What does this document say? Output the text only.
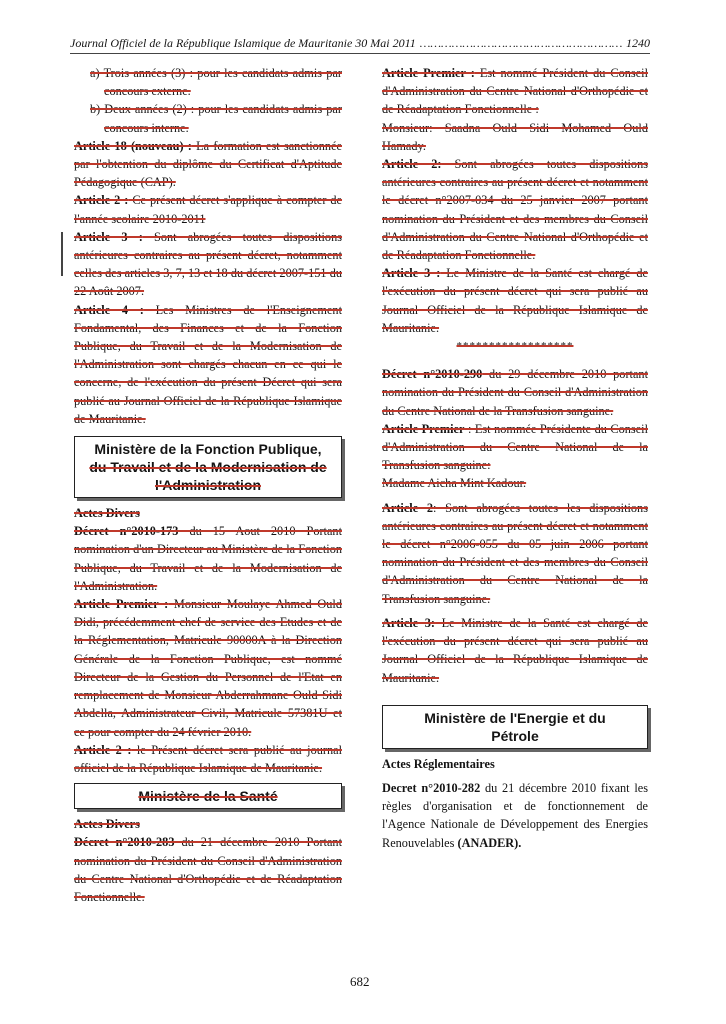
Journal Officiel de la République Islamique de Mauritanie 30 Mai 2011 ………………………………………………… 1240

a) Trois années (3) : pour les candidats admis par concours externe.

b) Deux années (2) : pour les candidats admis par concours interne.

Article 18 (nouveau) : La formation est sanctionnée par l'obtention du diplôme du Certificat d'Aptitude Pédagogique (CAP).

Article 2 : Ce présent décret s'applique à compter de l'année scolaire 2010-2011

Article 3 : Sont abrogées toutes dispositions antérieures contraires au présent décret, notamment celles des articles 3, 7, 13 et 18 du décret 2007-151 du 22 Août 2007.

Article 4 : Les Ministres de l'Enseignement Fondamental, des Finances et de la Fonction Publique, du Travail et de la Modernisation de l'Administration sont chargés chacun en ce qui le concerne, de l'exécution du présent Décret qui sera publié au Journal Officiel de la République Islamique de Mauritanie.

Ministère de la Fonction Publique,
du Travail et de la Modernisation de l'Administration

Actes Divers

Décret n°2010-173 du 15 Aout 2010 Portant nomination d'un Directeur au Ministère de la Fonction Publique, du Travail et de la Modernisation de l'Administration.

Article Premier : Monsieur Moulaye Ahmed Ould Didi, précédemment chef de service des Etudes et de la Réglementation, Matricule 90000A à la Direction Générale de la Fonction Publique, est nommé Directeur de la Gestion du Personnel de l'Etat en remplacement de Monsieur Abderrahmane Ould Sidi Abdella, Administrateur Civil, Matricule 57381U et ce pour compter du 24 février 2010.

Article 2 : le Présent décret sera publié au journal officiel de la République Islamique de Mauritanie.

Ministère de la Santé

Actes Divers

Décret n°2010-283 du 21 décembre 2010 Portant nomination du Président du Conseil d'Administration du Centre National d'Orthopédie et de Réadaptation Fonctionnelle.

Article Premier : Est nommé Président du Conseil d'Administration du Centre National d'Orthopédie et de Réadaptation Fonctionnelle :

Monsieur: Saadna Ould Sidi Mohamed Ould Hamady.

Article 2: Sont abrogées toutes dispositions antérieures contraires au présent décret et notamment le décret n°2007-034 du 25 janvier 2007 portant nomination du Président et des membres du Conseil d'Administration du Centre National d'Orthopédie et de Réadaptation Fonctionnelle.

Article 3 : Le Ministre de la Santé est chargé de l'exécution du présent décret qui sera publié au Journal Officiel de la République Islamique de Mauritanie.

******************

Décret n°2010-290 du 29 décembre 2010 portant nomination du Président du Conseil d'Administration du Centre National de la Transfusion sanguine.

Article Premier : Est nommée Présidente du Conseil d'Administration du Centre National de la Transfusion sanguine:

Madame Aicha Mint Kadour.

Article 2: Sont abrogées toutes les dispositions antérieures contraires au présent décret et notamment le décret n°2006-055 du 05 juin 2006 portant nomination du Président et des membres du Conseil d'Administration du Centre National de la Transfusion sanguine.

Article 3: Le Ministre de la Santé est chargé de l'exécution du présent décret qui sera publié au Journal Officiel de la République Islamique de Mauritanie.

Ministère de l'Energie et du
Pétrole

Actes Réglementaires

Decret n°2010-282 du 21 décembre 2010 fixant les règles d'organisation et de fonctionnement de l'Agence Nationale de Développement des Energies Renouvelables (ANADER).

682
